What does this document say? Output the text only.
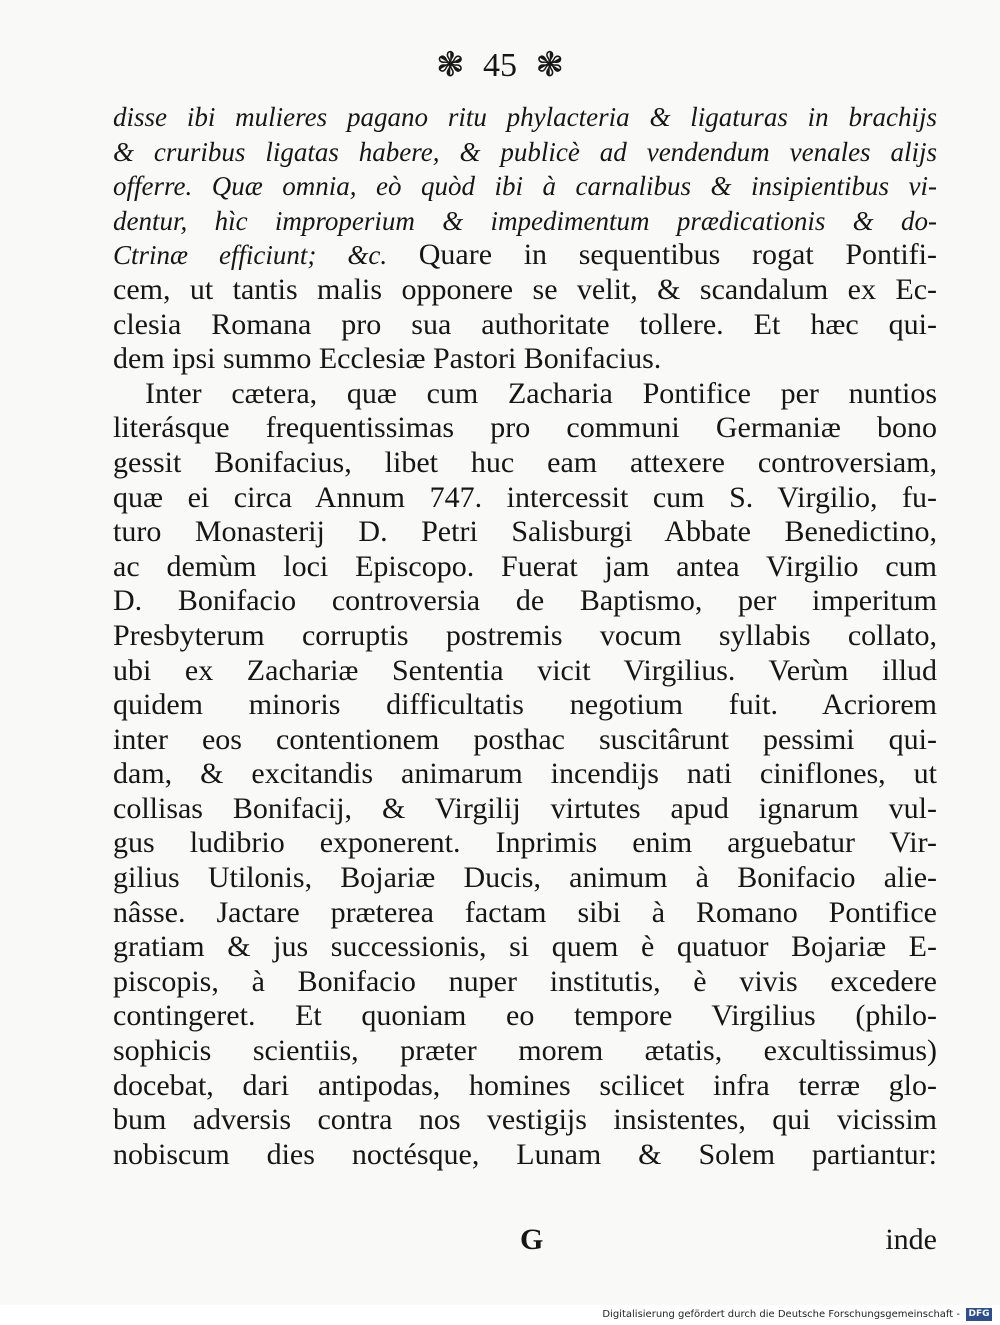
❃ 45 ❃
disse ibi mulieres pagano ritu phylacteria & ligaturas in brachijs
& cruribus ligatas habere, & publicè ad vendendum venales alijs
offerre. Quæ omnia, eò quòd ibi à carnalibus & insipientibus vi-
dentur, hìc improperium & impedimentum prædicationis & do-
Ctrinæ efficiunt; &c. Quare in sequentibus rogat Pontifi-
cem, ut tantis malis opponere se velit, & scandalum ex Ec-
clesia Romana pro sua authoritate tollere. Et hæc qui-
dem ipsi summo Ecclesiæ Pastori Bonifacius.
Inter cætera, quæ cum Zacharia Pontifice per nuntios
literásque frequentissimas pro communi Germaniæ bono
gessit Bonifacius, libet huc eam attexere controversiam,
quæ ei circa Annum 747. intercessit cum S. Virgilio, fu-
turo Monasterij D. Petri Salisburgi Abbate Benedictino,
ac demùm loci Episcopo. Fuerat jam antea Virgilio cum
D. Bonifacio controversia de Baptismo, per imperitum
Presbyterum corruptis postremis vocum syllabis collato,
ubi ex Zachariæ Sententia vicit Virgilius. Verùm illud
quidem minoris difficultatis negotium fuit. Acriorem
inter eos contentionem posthac suscitârunt pessimi qui-
dam, & excitandis animarum incendijs nati ciniflones, ut
collisas Bonifacij, & Virgilij virtutes apud ignarum vul-
gus ludibrio exponerent. Inprimis enim arguebatur Vir-
gilius Utilonis, Bojariæ Ducis, animum à Bonifacio alie-
nâsse. Jactare præterea factam sibi à Romano Pontifice
gratiam & jus successionis, si quem è quatuor Bojariæ E-
piscopis, à Bonifacio nuper institutis, è vivis excedere
contingeret. Et quoniam eo tempore Virgilius (philo-
sophicis scientiis, præter morem ætatis, excultissimus)
docebat, dari antipodas, homines scilicet infra terræ glo-
bum adversis contra nos vestigijs insistentes, qui vicissim
nobiscum dies noctésque, Lunam & Solem partiantur:
G	inde
Digitalisierung gefördert durch die Deutsche Forschungsgemeinschaft - DFG
